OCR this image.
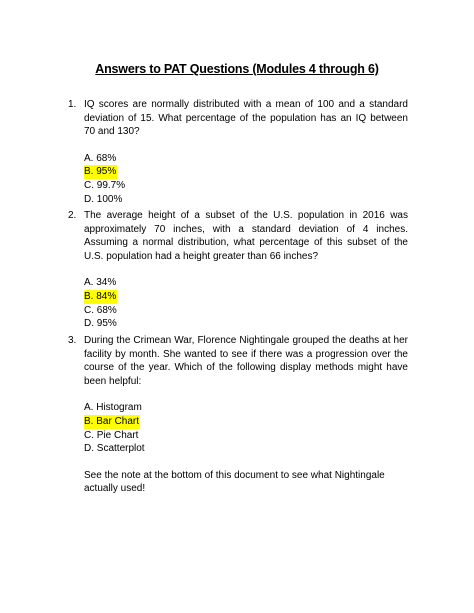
Answers to PAT Questions (Modules 4 through 6)
1. IQ scores are normally distributed with a mean of 100 and a standard deviation of 15. What percentage of the population has an IQ between 70 and 130?
A. 68%
B. 95%
C. 99.7%
D. 100%
2. The average height of a subset of the U.S. population in 2016 was approximately 70 inches, with a standard deviation of 4 inches. Assuming a normal distribution, what percentage of this subset of the U.S. population had a height greater than 66 inches?
A. 34%
B. 84%
C. 68%
D. 95%
3. During the Crimean War, Florence Nightingale grouped the deaths at her facility by month. She wanted to see if there was a progression over the course of the year. Which of the following display methods might have been helpful:
A. Histogram
B. Bar Chart
C. Pie Chart
D. Scatterplot
See the note at the bottom of this document to see what Nightingale actually used!
